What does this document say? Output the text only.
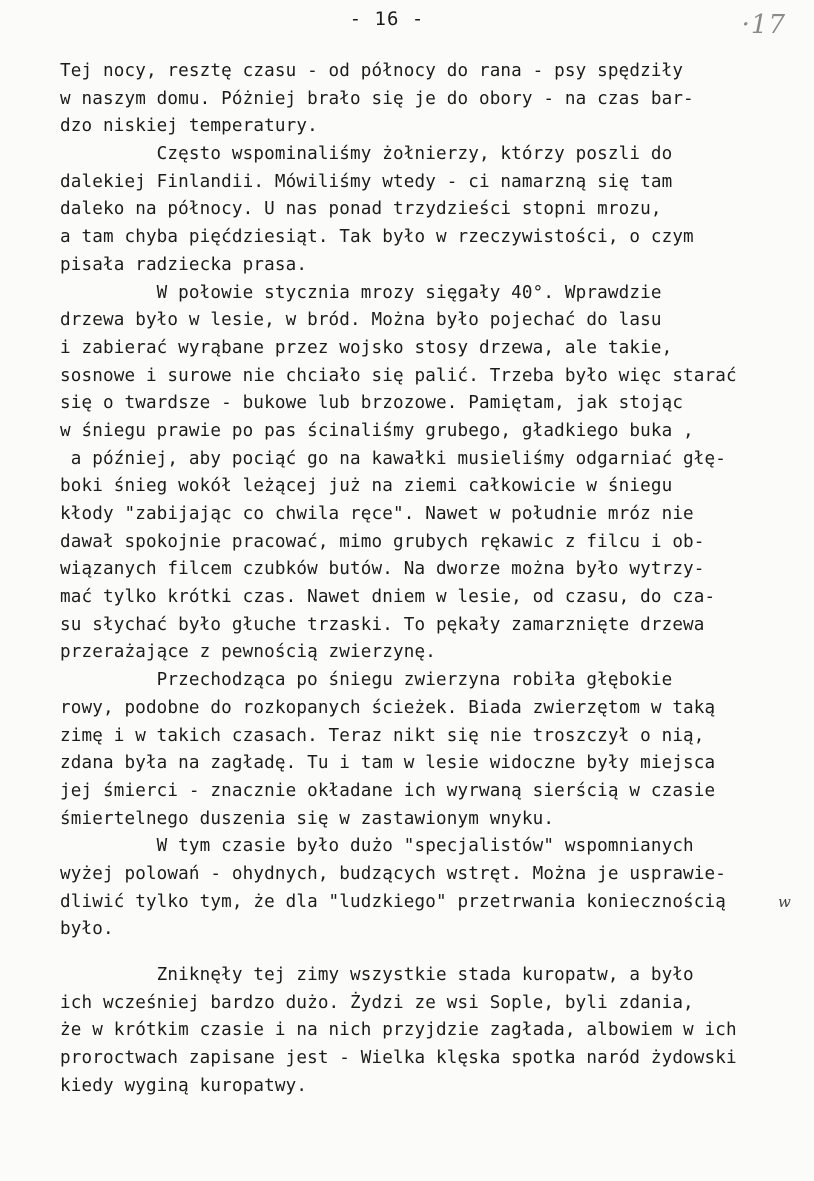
- 16 -	·17
Tej nocy, resztę czasu - od północy do rana - psy spędziły
w naszym domu. Póżniej brało się je do obory - na czas bar-
dzo niskiej temperatury.
Często wspominaliśmy żołnierzy, którzy poszli do
dalekiej Finlandii. Mówiliśmy wtedy - ci namarzną się tam
daleko na północy. U nas ponad trzydzieści stopni mrozu,
a tam chyba pięćdziesiąt. Tak było w rzeczywistości, o czym
pisała radziecka prasa.
W połowie stycznia mrozy sięgały 40°. Wprawdzie
drzewa było w lesie, w bród. Można było pojechać do lasu
i zabierać wyrąbane przez wojsko stosy drzewa, ale takie,
sosnowe i surowe nie chciało się palić. Trzeba było więc starać
się o twardsze - bukowe lub brzozowe. Pamiętam, jak stojąc
w śniegu prawie po pas ścinaliśmy grubego, gładkiego buka ,
a później, aby pociąć go na kawałki musieliśmy odgarniać głę-
boki śnieg wokół leżącej już na ziemi całkowicie w śniegu
kłody "zabijając co chwila ręce". Nawet w południe mróz nie
dawał spokojnie pracować, mimo grubych rękawic z filcu i ob-
wiązanych filcem czubków butów. Na dworze można było wytrzy-
mać tylko krótki czas. Nawet dniem w lesie, od czasu, do cza-
su słychać było głuche trzaski. To pękały zamarznięte drzewa
przerażające z pewnością zwierzynę.
Przechodząca po śniegu zwierzyna robiła głębokie
rowy, podobne do rozkopanych ścieżek. Biada zwierzętom w taką
zimę i w takich czasach. Teraz nikt się nie troszczył o nią,
zdana była na zagładę. Tu i tam w lesie widoczne były miejsca
jej śmierci - znacznie okładane ich wyrwaną sierścią w czasie
śmiertelnego duszenia się w zastawionym wnyku.
W tym czasie było dużo "specjalistów" wspomnianych
wyżej polowań - ohydnych, budzących wstręt. Można je usprawie-
dliwić tylko tym, że dla "ludzkiego" przetrwania koniecznością
było.
Zniknęły tej zimy wszystkie stada kuropatw, a było
ich wcześniej bardzo dużo. Żydzi ze wsi Sople, byli zdania,
że w krótkim czasie i na nich przyjdzie zagłada, albowiem w ich
proroctwach zapisane jest - Wielka klęska spotka naród żydowski
kiedy wyginą kuropatwy.
w
